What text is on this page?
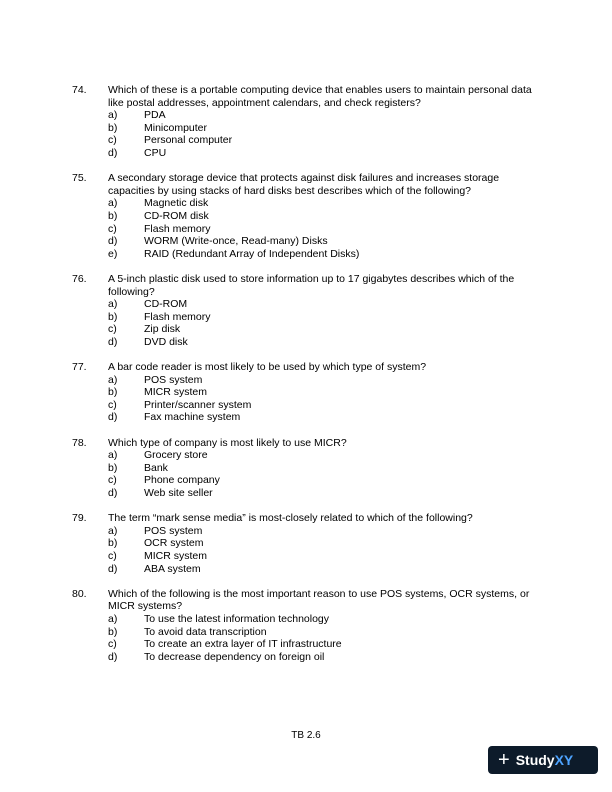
74.	Which of these is a portable computing device that enables users to maintain personal data like postal addresses, appointment calendars, and check registers?

a)	PDA
b)	Minicomputer
c)	Personal computer
d)	CPU
75.	A secondary storage device that protects against disk failures and increases storage capacities by using stacks of hard disks best describes which of the following?

a)	Magnetic disk
b)	CD-ROM disk
c)	Flash memory
d)	WORM (Write-once, Read-many) Disks
e)	RAID (Redundant Array of Independent Disks)
76.	A 5-inch plastic disk used to store information up to 17 gigabytes describes which of the following?

a)	CD-ROM
b)	Flash memory
c)	Zip disk
d)	DVD disk
77.	A bar code reader is most likely to be used by which type of system?

a)	POS system
b)	MICR system
c)	Printer/scanner system
d)	Fax machine system
78.	Which type of company is most likely to use MICR?

a)	Grocery store
b)	Bank
c)	Phone company
d)	Web site seller
79.	The term “mark sense media” is most-closely related to which of the following?

a)	POS system
b)	OCR system
c)	MICR system
d)	ABA system
80.	Which of the following is the most important reason to use POS systems, OCR systems, or MICR systems?

a)	To use the latest information technology
b)	To avoid data transcription
c)	To create an extra layer of IT infrastructure
d)	To decrease dependency on foreign oil
TB 2.6
+ Study XY
